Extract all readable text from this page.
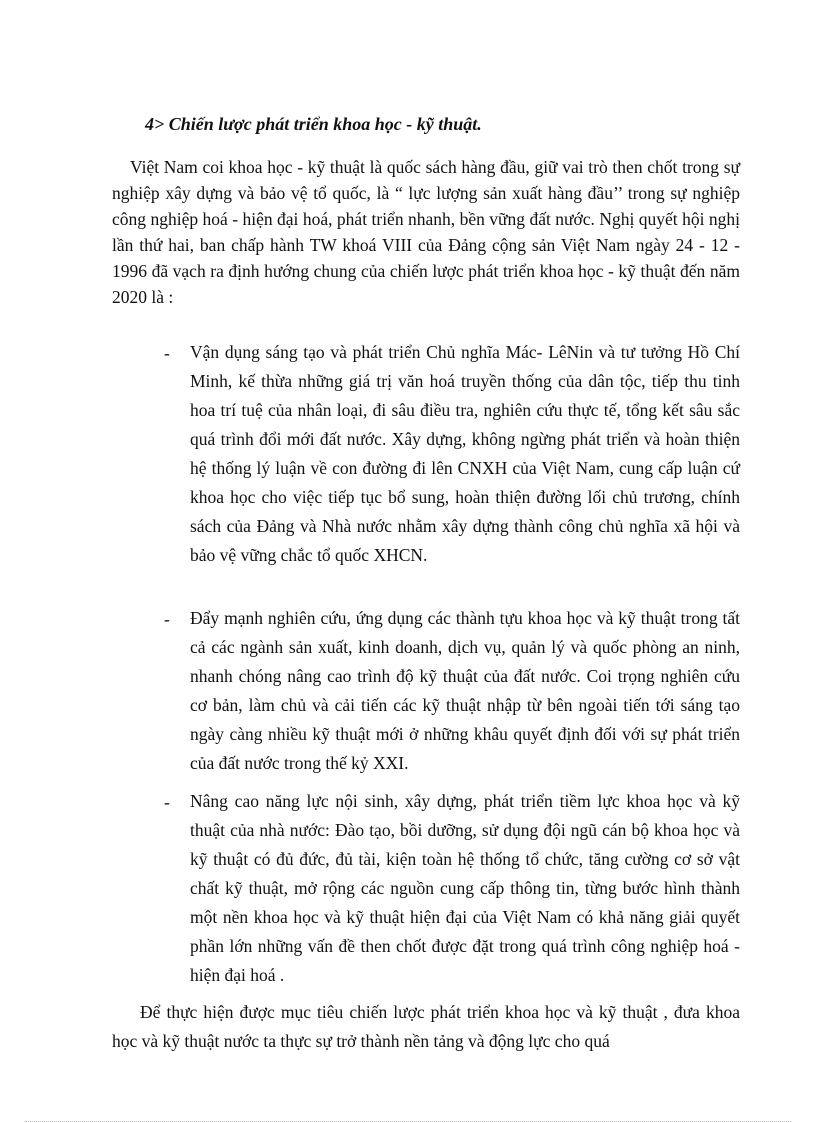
4> Chiến lược phát triển khoa học - kỹ thuật.

Việt Nam coi khoa học - kỹ thuật là quốc sách hàng đầu, giữ vai trò then chốt trong sự nghiệp xây dựng và bảo vệ tổ quốc, là “ lực lượng sản xuất hàng đầu’’ trong sự nghiệp công nghiệp hoá - hiện đại hoá, phát triển nhanh, bền vững đất nước. Nghị quyết hội nghị lần thứ hai, ban chấp hành TW khoá VIII của Đảng cộng sản Việt Nam ngày 24 - 12 - 1996 đã vạch ra định hướng chung của chiến lược phát triển khoa học - kỹ thuật đến năm 2020 là :

- Vận dụng sáng tạo và phát triển Chủ nghĩa Mác- LêNin và tư tưởng Hồ Chí Minh, kế thừa những giá trị văn hoá truyền thống của dân tộc, tiếp thu tinh hoa trí tuệ của nhân loại, đi sâu điều tra, nghiên cứu thực tế, tổng kết sâu sắc quá trình đổi mới đất nước. Xây dựng, không ngừng phát triển và hoàn thiện hệ thống lý luận về con đường đi lên CNXH của Việt Nam, cung cấp luận cứ khoa học cho việc tiếp tục bổ sung, hoàn thiện đường lối chủ trương, chính sách của Đảng và Nhà nước nhằm xây dựng thành công chủ nghĩa xã hội và bảo vệ vững chắc tổ quốc XHCN.

- Đẩy mạnh nghiên cứu, ứng dụng các thành tựu khoa học và kỹ thuật trong tất cả các ngành sản xuất, kinh doanh, dịch vụ, quản lý và quốc phòng an ninh, nhanh chóng nâng cao trình độ kỹ thuật của đất nước. Coi trọng nghiên cứu cơ bản, làm chủ và cải tiến các kỹ thuật nhập từ bên ngoài tiến tới sáng tạo ngày càng nhiều kỹ thuật mới ở những khâu quyết định đối với sự phát triển của đất nước trong thế kỷ XXI.

- Nâng cao năng lực nội sinh, xây dựng, phát triển tiềm lực khoa học và kỹ thuật của nhà nước: Đào tạo, bồi dưỡng, sử dụng đội ngũ cán bộ khoa học và kỹ thuật có đủ đức, đủ tài, kiện toàn hệ thống tổ chức, tăng cường cơ sở vật chất kỹ thuật, mở rộng các nguồn cung cấp thông tin, từng bước hình thành một nền khoa học và kỹ thuật hiện đại của Việt Nam có khả năng giải quyết phần lớn những vấn đề then chốt được đặt trong quá trình công nghiệp hoá - hiện đại hoá .

Để thực hiện được mục tiêu chiến lược phát triển khoa học và kỹ thuật , đưa khoa học và kỹ thuật nước ta thực sự trở thành nền tảng và động lực cho quá
